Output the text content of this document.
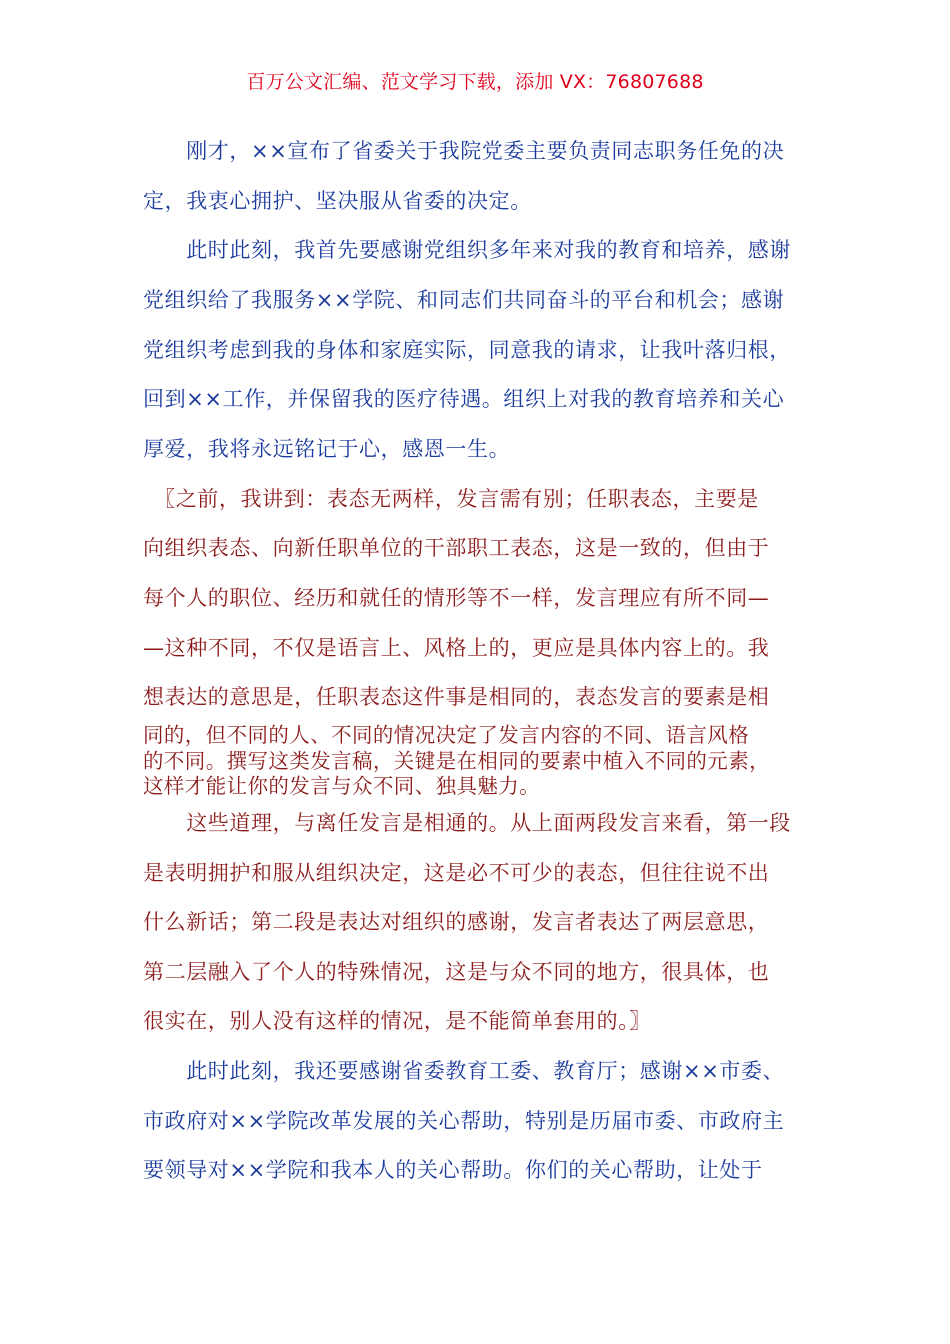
百万公文汇编、范文学习下载，添加 VX：76807688
　　刚才，××宣布了省委关于我院党委主要负责同志职务任免的决
定，我衷心拥护、坚决服从省委的决定。
　　此时此刻，我首先要感谢党组织多年来对我的教育和培养，感谢
党组织给了我服务××学院、和同志们共同奋斗的平台和机会；感谢
党组织考虑到我的身体和家庭实际，同意我的请求，让我叶落归根，
回到××工作，并保留我的医疗待遇。组织上对我的教育培养和关心
厚爱，我将永远铭记于心，感恩一生。
　〖之前，我讲到：表态无两样，发言需有别；任职表态，主要是
向组织表态、向新任职单位的干部职工表态，这是一致的，但由于
每个人的职位、经历和就任的情形等不一样，发言理应有所不同—
—这种不同，不仅是语言上、风格上的，更应是具体内容上的。我
想表达的意思是，任职表态这件事是相同的，表态发言的要素是相
同的，但不同的人、不同的情况决定了发言内容的不同、语言风格
的不同。撰写这类发言稿，关键是在相同的要素中植入不同的元素，
这样才能让你的发言与众不同、独具魅力。
　　这些道理，与离任发言是相通的。从上面两段发言来看，第一段
是表明拥护和服从组织决定，这是必不可少的表态，但往往说不出
什么新话；第二段是表达对组织的感谢，发言者表达了两层意思，
第二层融入了个人的特殊情况，这是与众不同的地方，很具体，也
很实在，别人没有这样的情况，是不能简单套用的。〗
　　此时此刻，我还要感谢省委教育工委、教育厅；感谢××市委、
市政府对××学院改革发展的关心帮助，特别是历届市委、市政府主
要领导对××学院和我本人的关心帮助。你们的关心帮助，让处于
